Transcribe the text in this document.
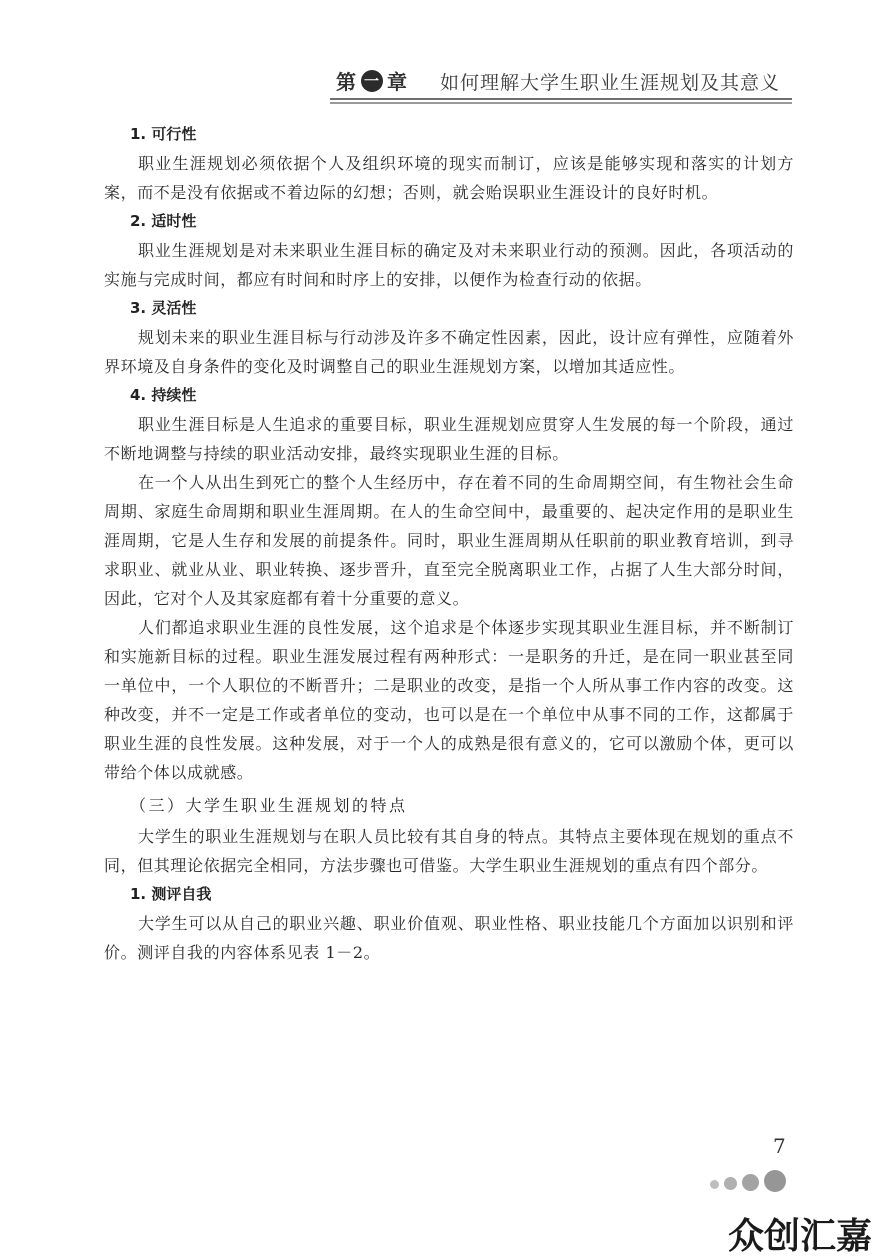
第 一 章 如何理解大学生职业生涯规划及其意义

1. 可行性

职业生涯规划必须依据个人及组织环境的现实而制订，应该是能够实现和落实的计划方案，而不是没有依据或不着边际的幻想；否则，就会贻误职业生涯设计的良好时机。

2. 适时性

职业生涯规划是对未来职业生涯目标的确定及对未来职业行动的预测。因此，各项活动的实施与完成时间，都应有时间和时序上的安排，以便作为检查行动的依据。

3. 灵活性

规划未来的职业生涯目标与行动涉及许多不确定性因素，因此，设计应有弹性，应随着外界环境及自身条件的变化及时调整自己的职业生涯规划方案，以增加其适应性。

4. 持续性

职业生涯目标是人生追求的重要目标，职业生涯规划应贯穿人生发展的每一个阶段，通过不断地调整与持续的职业活动安排，最终实现职业生涯的目标。

在一个人从出生到死亡的整个人生经历中，存在着不同的生命周期空间，有生物社会生命周期、家庭生命周期和职业生涯周期。在人的生命空间中，最重要的、起决定作用的是职业生涯周期，它是人生存和发展的前提条件。同时，职业生涯周期从任职前的职业教育培训，到寻求职业、就业从业、职业转换、逐步晋升，直至完全脱离职业工作，占据了人生大部分时间，因此，它对个人及其家庭都有着十分重要的意义。

人们都追求职业生涯的良性发展，这个追求是个体逐步实现其职业生涯目标，并不断制订和实施新目标的过程。职业生涯发展过程有两种形式：一是职务的升迁，是在同一职业甚至同一单位中，一个人职位的不断晋升；二是职业的改变，是指一个人所从事工作内容的改变。这种改变，并不一定是工作或者单位的变动，也可以是在一个单位中从事不同的工作，这都属于职业生涯的良性发展。这种发展，对于一个人的成熟是很有意义的，它可以激励个体，更可以带给个体以成就感。

（三）大学生职业生涯规划的特点

大学生的职业生涯规划与在职人员比较有其自身的特点。其特点主要体现在规划的重点不同，但其理论依据完全相同，方法步骤也可借鉴。大学生职业生涯规划的重点有四个部分。

1. 测评自我

大学生可以从自己的职业兴趣、职业价值观、职业性格、职业技能几个方面加以识别和评价。测评自我的内容体系见表 1－2。

7
众创汇嘉
